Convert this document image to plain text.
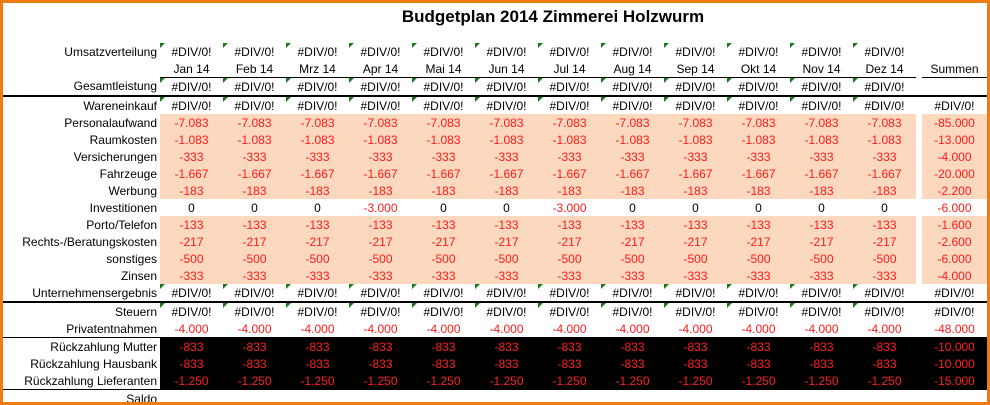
Budgetplan 2014 Zimmerei Holzwurm
Umsatzverteilung	#DIV/0!	#DIV/0!	#DIV/0!	#DIV/0!	#DIV/0!	#DIV/0!	#DIV/0!	#DIV/0!	#DIV/0!	#DIV/0!	#DIV/0!	#DIV/0!		
	Jan 14	Feb 14	Mrz 14	Apr 14	Mai 14	Jun 14	Jul 14	Aug 14	Sep 14	Okt 14	Nov 14	Dez 14		Summen
Gesamtleistung	#DIV/0!	#DIV/0!	#DIV/0!	#DIV/0!	#DIV/0!	#DIV/0!	#DIV/0!	#DIV/0!	#DIV/0!	#DIV/0!	#DIV/0!	#DIV/0!		
Wareneinkauf	#DIV/0!	#DIV/0!	#DIV/0!	#DIV/0!	#DIV/0!	#DIV/0!	#DIV/0!	#DIV/0!	#DIV/0!	#DIV/0!	#DIV/0!	#DIV/0!		#DIV/0!
Personalaufwand	-7.083	-7.083	-7.083	-7.083	-7.083	-7.083	-7.083	-7.083	-7.083	-7.083	-7.083	-7.083		-85.000
Raumkosten	-1.083	-1.083	-1.083	-1.083	-1.083	-1.083	-1.083	-1.083	-1.083	-1.083	-1.083	-1.083		-13.000
Versicherungen	-333	-333	-333	-333	-333	-333	-333	-333	-333	-333	-333	-333		-4.000
Fahrzeuge	-1.667	-1.667	-1.667	-1.667	-1.667	-1.667	-1.667	-1.667	-1.667	-1.667	-1.667	-1.667		-20.000
Werbung	-183	-183	-183	-183	-183	-183	-183	-183	-183	-183	-183	-183		-2.200
Investitionen	0	0	0	-3.000	0	0	-3.000	0	0	0	0	0		-6.000
Porto/Telefon	-133	-133	-133	-133	-133	-133	-133	-133	-133	-133	-133	-133		-1.600
Rechts-/Beratungskosten	-217	-217	-217	-217	-217	-217	-217	-217	-217	-217	-217	-217		-2.600
sonstiges	-500	-500	-500	-500	-500	-500	-500	-500	-500	-500	-500	-500		-6.000
Zinsen	-333	-333	-333	-333	-333	-333	-333	-333	-333	-333	-333	-333		-4.000
Unternehmensergebnis	#DIV/0!	#DIV/0!	#DIV/0!	#DIV/0!	#DIV/0!	#DIV/0!	#DIV/0!	#DIV/0!	#DIV/0!	#DIV/0!	#DIV/0!	#DIV/0!		#DIV/0!
Steuern	#DIV/0!	#DIV/0!	#DIV/0!	#DIV/0!	#DIV/0!	#DIV/0!	#DIV/0!	#DIV/0!	#DIV/0!	#DIV/0!	#DIV/0!	#DIV/0!		#DIV/0!
Privatentnahmen	-4.000	-4.000	-4.000	-4.000	-4.000	-4.000	-4.000	-4.000	-4.000	-4.000	-4.000	-4.000		-48.000
Rückzahlung Mutter	-833	-833	-833	-833	-833	-833	-833	-833	-833	-833	-833	-833		-10.000
Rückzahlung Hausbank	-833	-833	-833	-833	-833	-833	-833	-833	-833	-833	-833	-833		-10.000
Rückzahlung Lieferanten	-1.250	-1.250	-1.250	-1.250	-1.250	-1.250	-1.250	-1.250	-1.250	-1.250	-1.250	-1.250		-15.000
Saldo														
